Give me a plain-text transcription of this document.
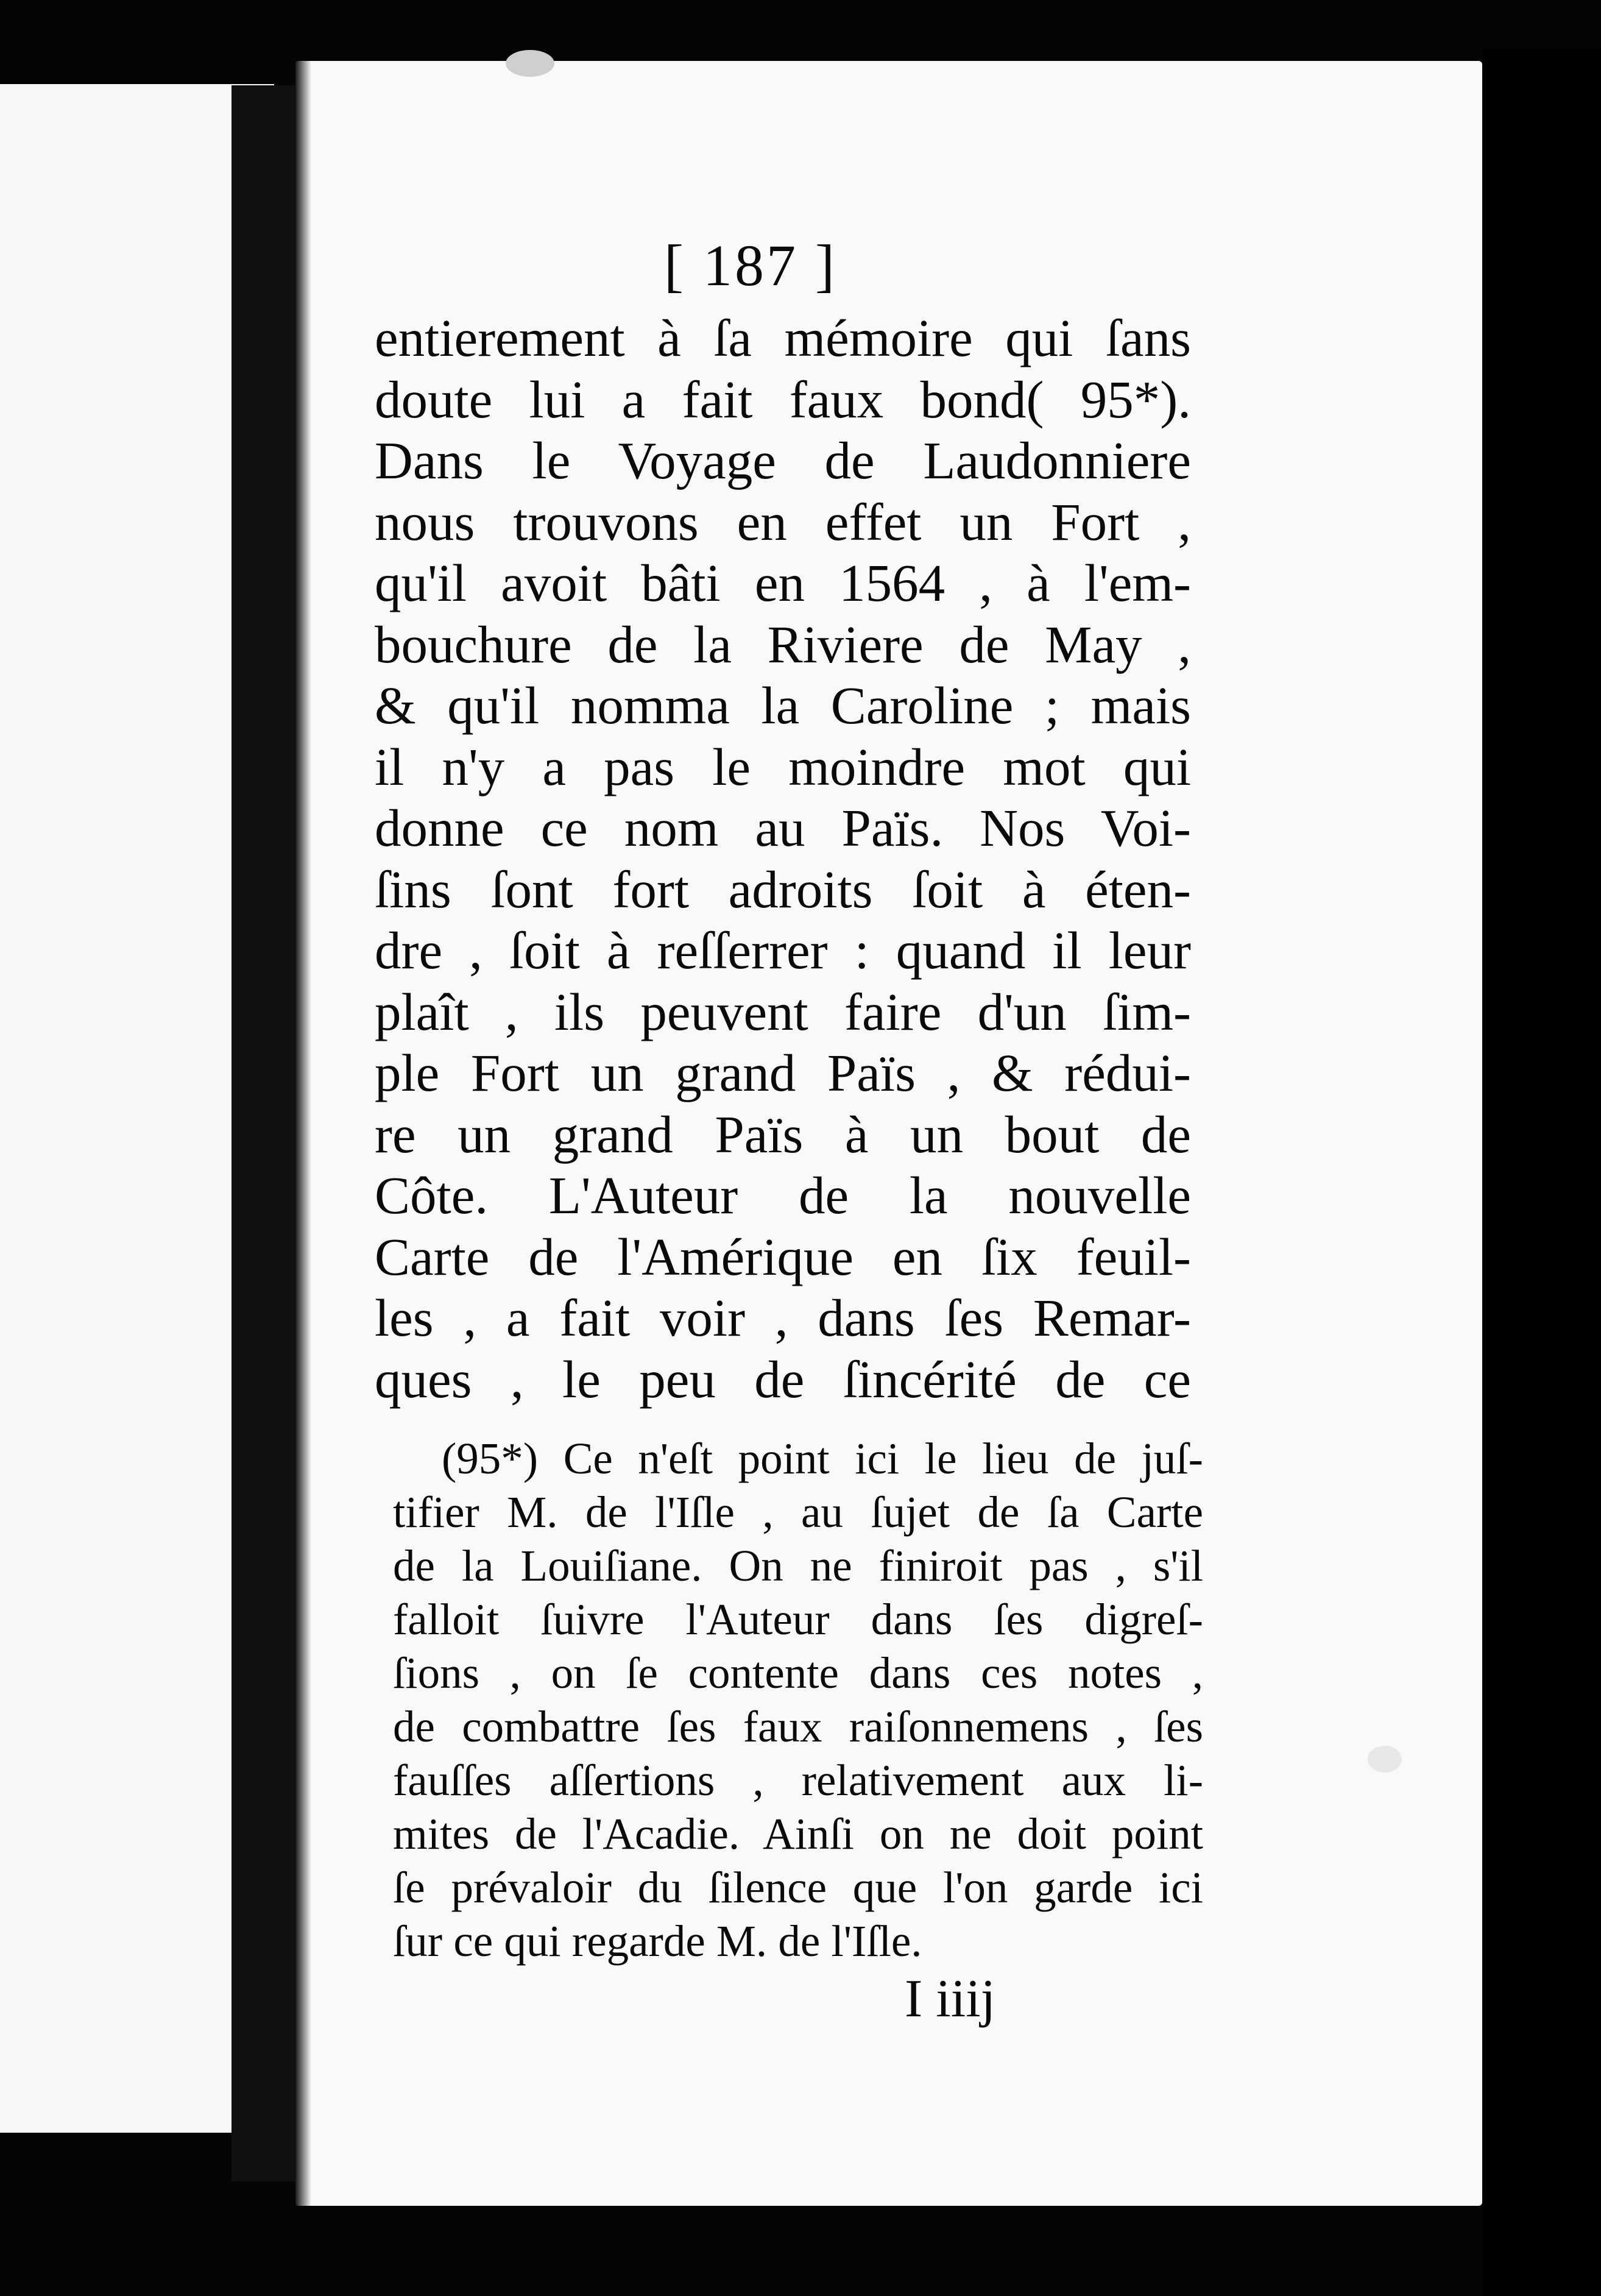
[ 187 ]
entierement à ſa mémoire qui ſans
doute lui a fait faux bond( 95*).
Dans le Voyage de Laudonniere
nous trouvons en effet un Fort ,
qu'il avoit bâti en 1564 , à l'em-
bouchure de la Riviere de May ,
& qu'il nomma la Caroline ; mais
il n'y a pas le moindre mot qui
donne ce nom au Païs. Nos Voi-
ſins ſont fort adroits ſoit à éten-
dre , ſoit à reſſerrer : quand il leur
plaît , ils peuvent faire d'un ſim-
ple Fort un grand Païs , & rédui-
re un grand Païs à un bout de
Côte. L'Auteur de la nouvelle
Carte de l'Amérique en ſix feuil-
les , a fait voir , dans ſes Remar-
ques , le peu de ſincérité de ce
(95*) Ce n'eſt point ici le lieu de juſ-
tifier M. de l'Iſle , au ſujet de ſa Carte
de la Louiſiane. On ne finiroit pas , s'il
falloit ſuivre l'Auteur dans ſes digreſ-
ſions , on ſe contente dans ces notes ,
de combattre ſes faux raiſonnemens , ſes
fauſſes aſſertions , relativement aux li-
mites de l'Acadie. Ainſi on ne doit point
ſe prévaloir du ſilence que l'on garde ici
ſur ce qui regarde M. de l'Iſle.
I iiij
